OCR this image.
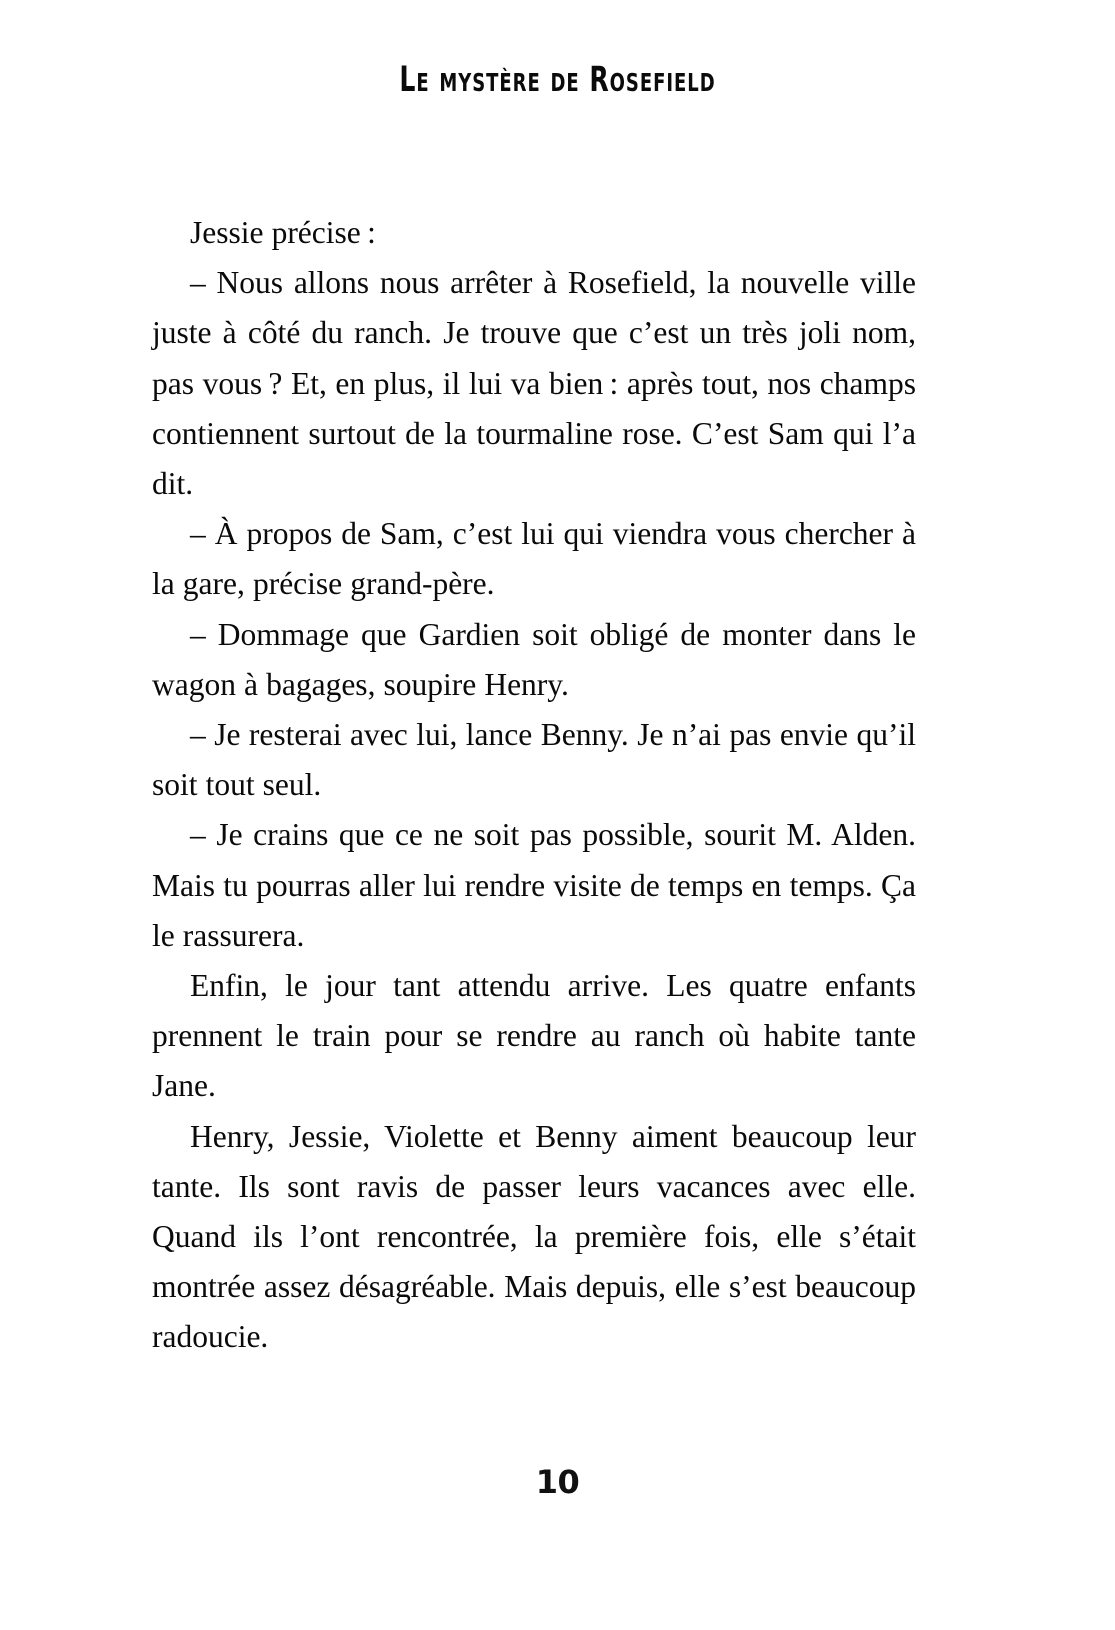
Le mystère de Rosefield

Jessie précise :

– Nous allons nous arrêter à Rosefield, la nouvelle ville juste à côté du ranch. Je trouve que c’est un très joli nom, pas vous ? Et, en plus, il lui va bien : après tout, nos champs contiennent surtout de la tourmaline rose. C’est Sam qui l’a dit.

– À propos de Sam, c’est lui qui viendra vous chercher à la gare, précise grand-père.

– Dommage que Gardien soit obligé de monter dans le wagon à bagages, soupire Henry.

– Je resterai avec lui, lance Benny. Je n’ai pas envie qu’il soit tout seul.

– Je crains que ce ne soit pas possible, sourit M. Alden. Mais tu pourras aller lui rendre visite de temps en temps. Ça le rassurera.

Enfin, le jour tant attendu arrive. Les quatre enfants prennent le train pour se rendre au ranch où habite tante Jane.

Henry, Jessie, Violette et Benny aiment beaucoup leur tante. Ils sont ravis de passer leurs vacances avec elle. Quand ils l’ont rencontrée, la première fois, elle s’était montrée assez désagréable. Mais depuis, elle s’est beaucoup radoucie.

10
